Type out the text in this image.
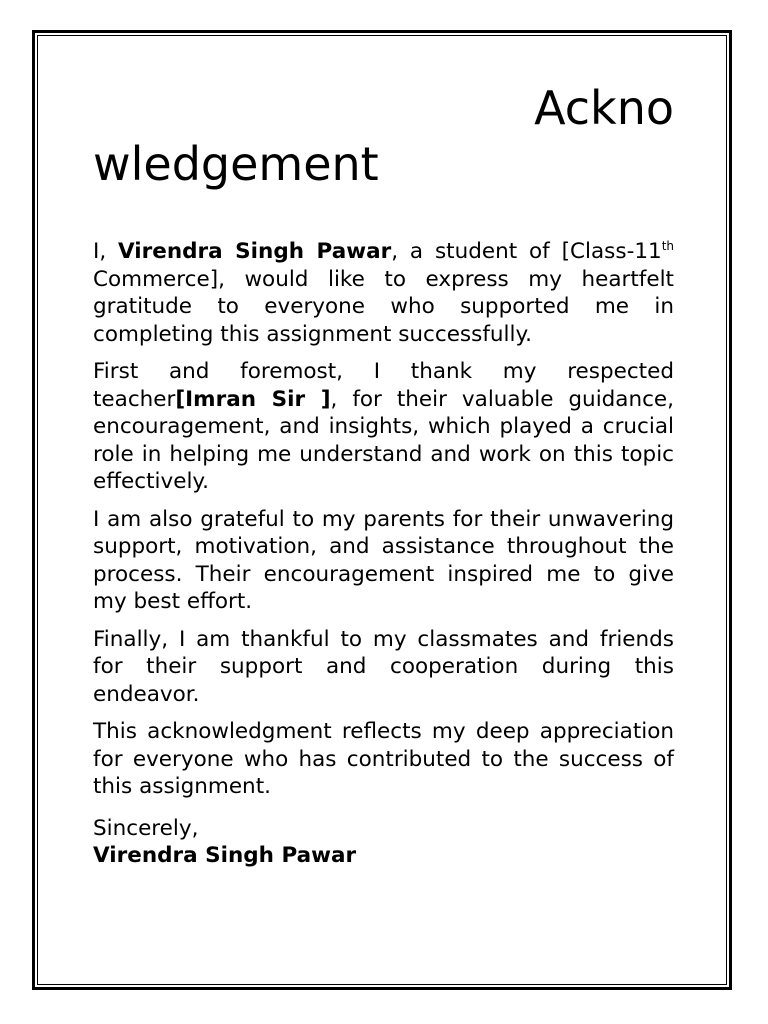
Ackno
wledgement

I, Virendra Singh Pawar, a student of [Class-11th Commerce], would like to express my heartfelt gratitude to everyone who supported me in completing this assignment successfully.

First and foremost, I thank my respected teacher[Imran Sir ], for their valuable guidance, encouragement, and insights, which played a crucial role in helping me understand and work on this topic effectively.

I am also grateful to my parents for their unwavering support, motivation, and assistance throughout the process. Their encouragement inspired me to give my best effort.

Finally, I am thankful to my classmates and friends for their support and cooperation during this endeavor.

This acknowledgment reflects my deep appreciation for everyone who has contributed to the success of this assignment.

Sincerely,
Virendra Singh Pawar
